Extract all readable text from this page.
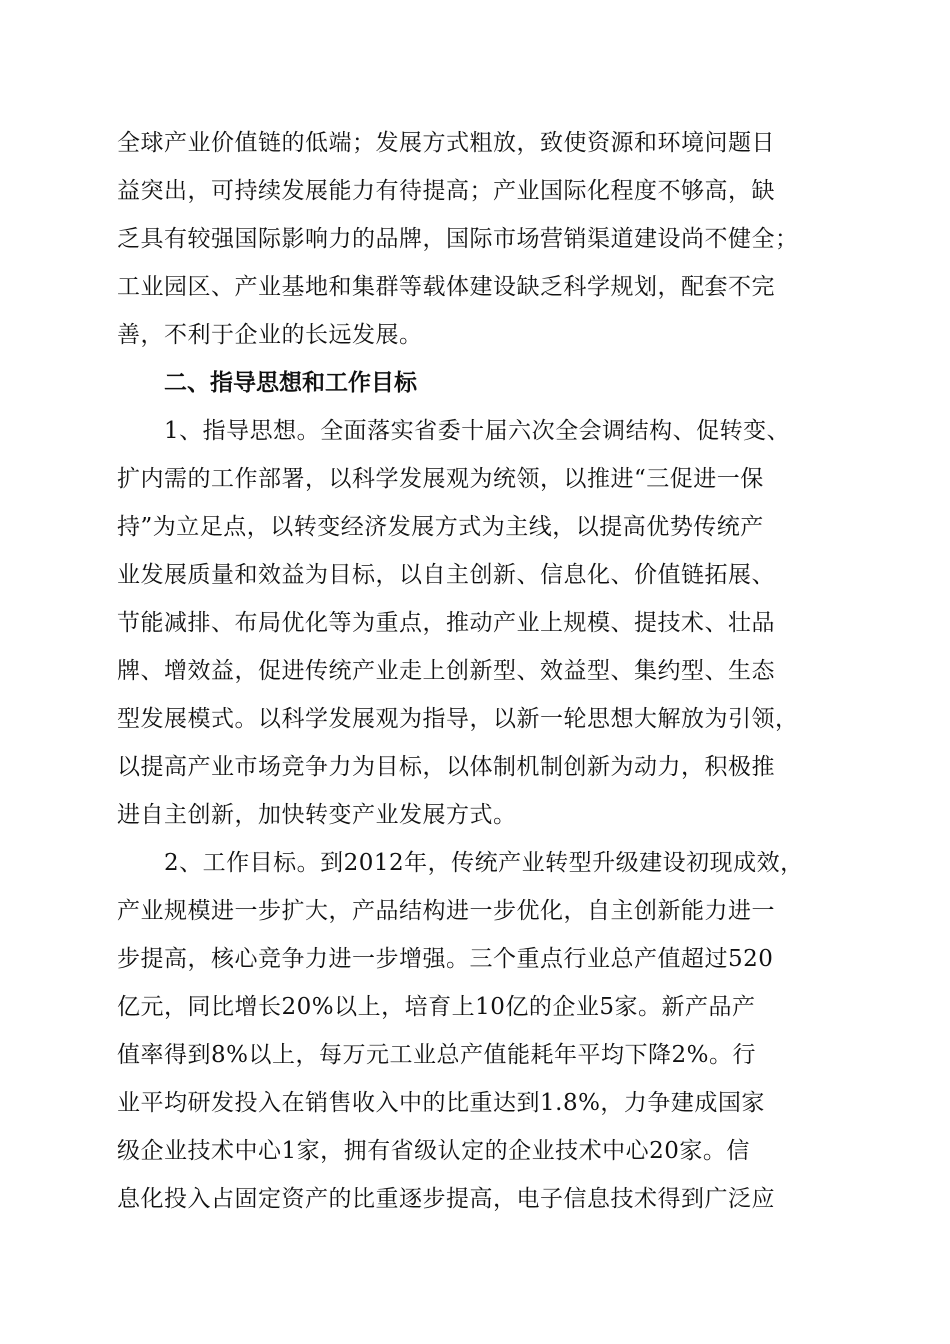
全球产业价值链的低端；发展方式粗放，致使资源和环境问题日
益突出，可持续发展能力有待提高；产业国际化程度不够高，缺
乏具有较强国际影响力的品牌，国际市场营销渠道建设尚不健全；
工业园区、产业基地和集群等载体建设缺乏科学规划，配套不完
善，不利于企业的长远发展。
二、指导思想和工作目标
1、指导思想。全面落实省委十届六次全会调结构、促转变、
扩内需的工作部署，以科学发展观为统领，以推进“三促进一保
持”为立足点，以转变经济发展方式为主线，以提高优势传统产
业发展质量和效益为目标，以自主创新、信息化、价值链拓展、
节能减排、布局优化等为重点，推动产业上规模、提技术、壮品
牌、增效益，促进传统产业走上创新型、效益型、集约型、生态
型发展模式。以科学发展观为指导，以新一轮思想大解放为引领，
以提高产业市场竞争力为目标，以体制机制创新为动力，积极推
进自主创新，加快转变产业发展方式。
2、工作目标。到2012年，传统产业转型升级建设初现成效，
产业规模进一步扩大，产品结构进一步优化，自主创新能力进一
步提高，核心竞争力进一步增强。三个重点行业总产值超过520
亿元，同比增长20%以上，培育上10亿的企业5家。新产品产
值率得到8%以上，每万元工业总产值能耗年平均下降2%。行
业平均研发投入在销售收入中的比重达到1.8%，力争建成国家
级企业技术中心1家，拥有省级认定的企业技术中心20家。信
息化投入占固定资产的比重逐步提高，电子信息技术得到广泛应
